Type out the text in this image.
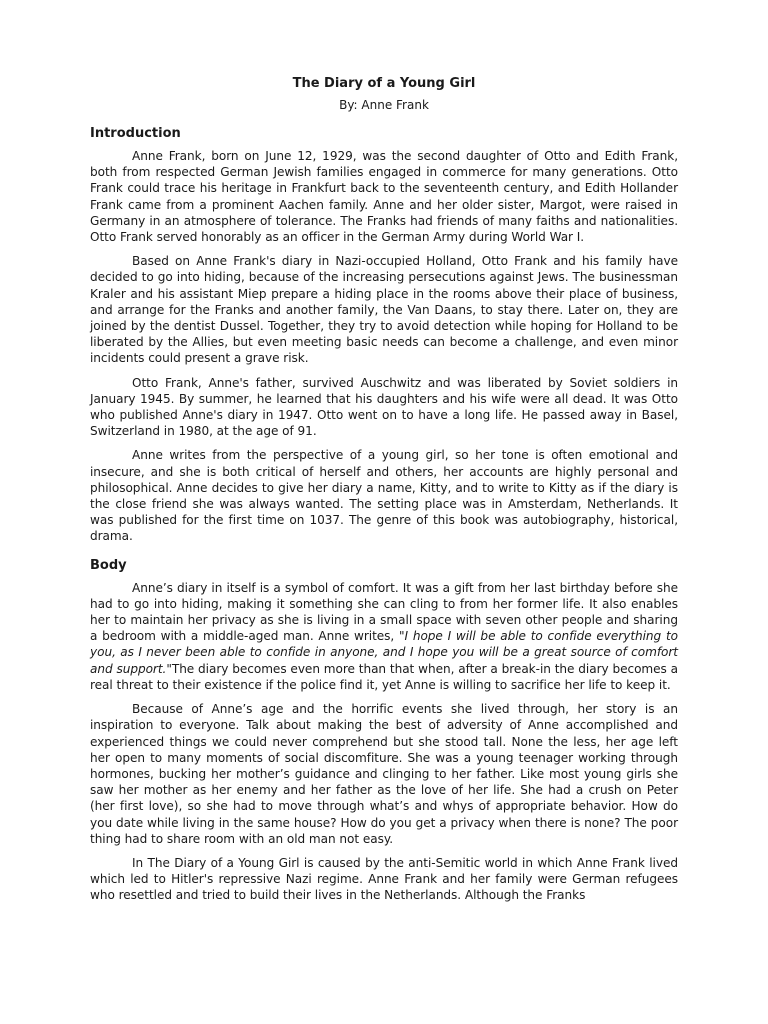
The Diary of a Young Girl

By: Anne Frank

Introduction

Anne Frank, born on June 12, 1929, was the second daughter of Otto and Edith Frank, both from respected German Jewish families engaged in commerce for many generations. Otto Frank could trace his heritage in Frankfurt back to the seventeenth century, and Edith Hollander Frank came from a prominent Aachen family. Anne and her older sister, Margot, were raised in Germany in an atmosphere of tolerance. The Franks had friends of many faiths and nationalities. Otto Frank served honorably as an officer in the German Army during World War I.

Based on Anne Frank's diary in Nazi-occupied Holland, Otto Frank and his family have decided to go into hiding, because of the increasing persecutions against Jews. The businessman Kraler and his assistant Miep prepare a hiding place in the rooms above their place of business, and arrange for the Franks and another family, the Van Daans, to stay there. Later on, they are joined by the dentist Dussel. Together, they try to avoid detection while hoping for Holland to be liberated by the Allies, but even meeting basic needs can become a challenge, and even minor incidents could present a grave risk.

Otto Frank, Anne's father, survived Auschwitz and was liberated by Soviet soldiers in January 1945. By summer, he learned that his daughters and his wife were all dead. It was Otto who published Anne's diary in 1947. Otto went on to have a long life. He passed away in Basel, Switzerland in 1980, at the age of 91.

Anne writes from the perspective of a young girl, so her tone is often emotional and insecure, and she is both critical of herself and others, her accounts are highly personal and philosophical. Anne decides to give her diary a name, Kitty, and to write to Kitty as if the diary is the close friend she was always wanted. The setting place was in Amsterdam, Netherlands. It was published for the first time on 1037. The genre of this book was autobiography, historical, drama.

Body

Anne’s diary in itself is a symbol of comfort. It was a gift from her last birthday before she had to go into hiding, making it something she can cling to from her former life. It also enables her to maintain her privacy as she is living in a small space with seven other people and sharing a bedroom with a middle-aged man. Anne writes, "I hope I will be able to confide everything to you, as I never been able to confide in anyone, and I hope you will be a great source of comfort and support."The diary becomes even more than that when, after a break-in the diary becomes a real threat to their existence if the police find it, yet Anne is willing to sacrifice her life to keep it.

Because of Anne’s age and the horrific events she lived through, her story is an inspiration to everyone. Talk about making the best of adversity of Anne accomplished and experienced things we could never comprehend but she stood tall. None the less, her age left her open to many moments of social discomfiture. She was a young teenager working through hormones, bucking her mother’s guidance and clinging to her father. Like most young girls she saw her mother as her enemy and her father as the love of her life. She had a crush on Peter (her first love), so she had to move through what’s and whys of appropriate behavior. How do you date while living in the same house? How do you get a privacy when there is none? The poor thing had to share room with an old man not easy.

In The Diary of a Young Girl is caused by the anti-Semitic world in which Anne Frank lived which led to Hitler's repressive Nazi regime. Anne Frank and her family were German refugees who resettled and tried to build their lives in the Netherlands. Although the Franks
